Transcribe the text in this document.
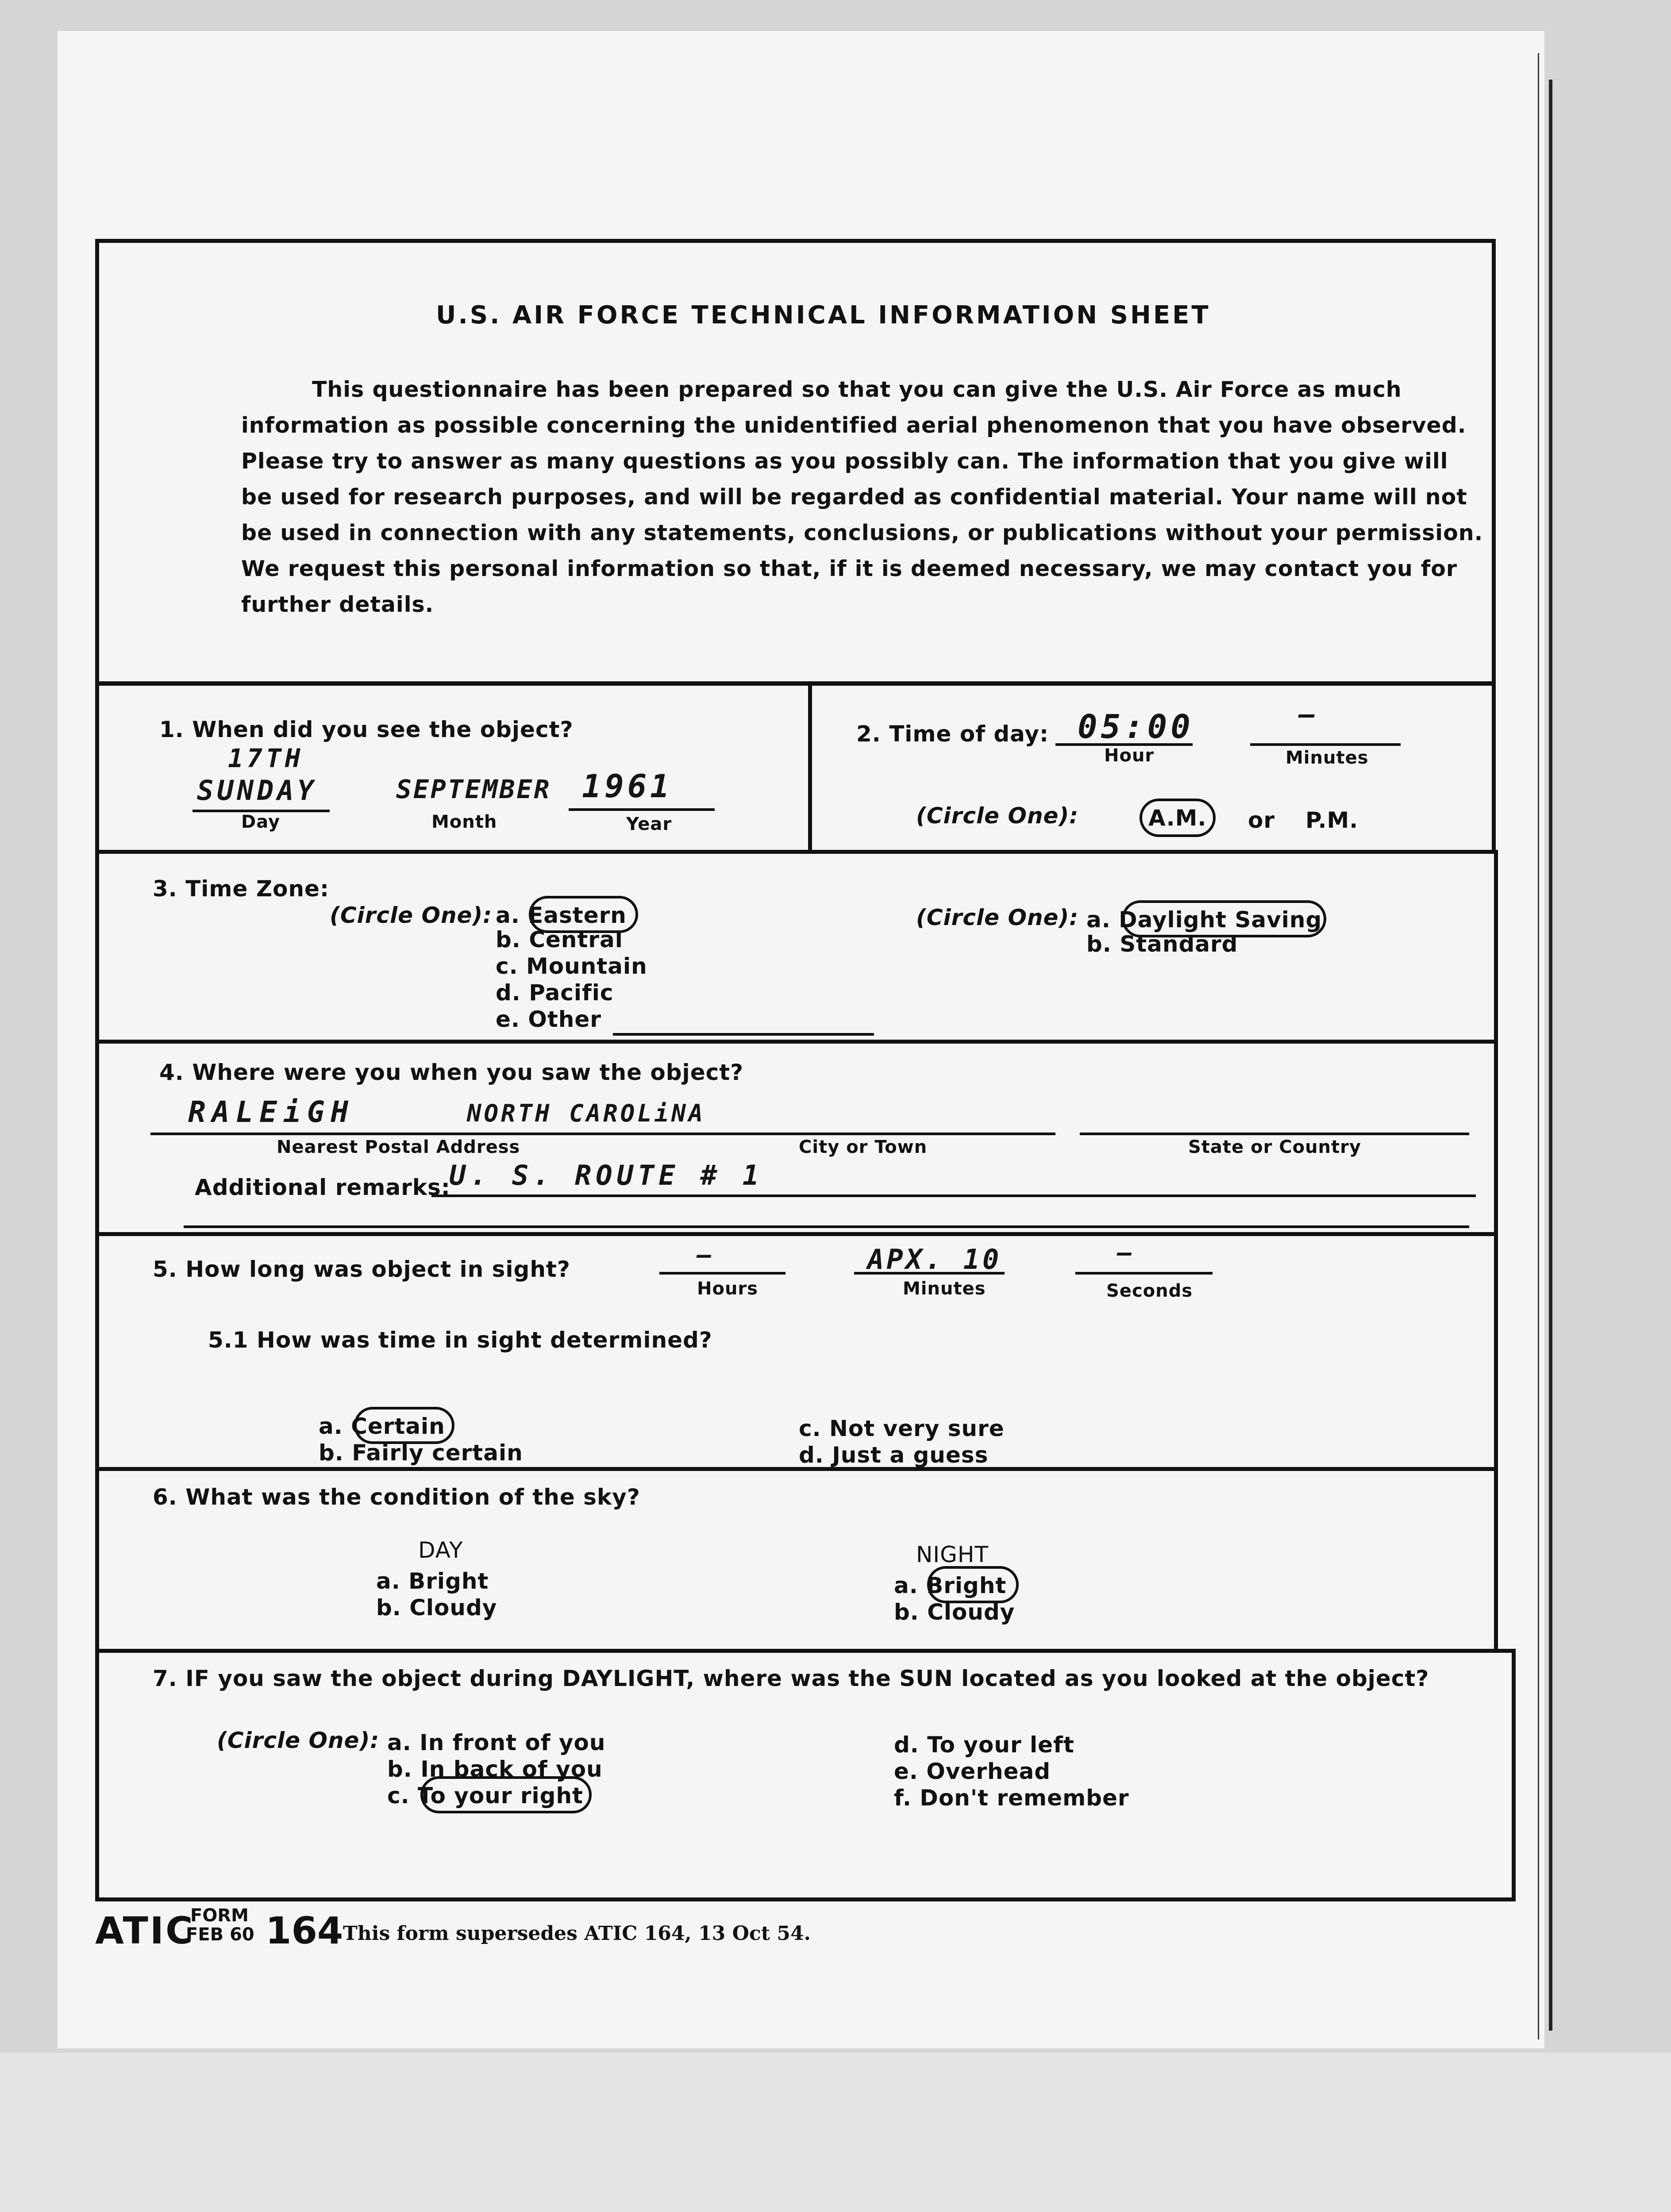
U.S. AIR FORCE TECHNICAL INFORMATION SHEET

This questionnaire has been prepared so that you can give the U.S. Air Force as much

information as possible concerning the unidentified aerial phenomenon that you have observed.

Please try to answer as many questions as you possibly can. The information that you give will

be used for research purposes, and will be regarded as confidential material. Your name will not

be used in connection with any statements, conclusions, or publications without your permission.

We request this personal information so that, if it is deemed necessary, we may contact you for

further details.

1. When did you see the object?
17TH
SUNDAY
Day
SEPTEMBER
Month
1961
Year
2. Time of day: 05:00
Hour
—
Minutes
(Circle One):	A.M. or P.M.
3. Time Zone:
(Circle One): a. Eastern
b. Central
c. Mountain
d. Pacific
e. Other
(Circle One): a. Daylight Saving
b. Standard
4. Where were you when you saw the object?
RALEiGH
Nearest Postal Address
NORTH CAROLiNA
City or Town	State or Country
Additional remarks:
U. S. ROUTE # 1
5. How long was object in sight?
—
Hours
APX. 10
Minutes
—
Seconds
5.1 How was time in sight determined?
a. Certain
b. Fairly certain
c. Not very sure
d. Just a guess
6. What was the condition of the sky?
DAY
a. Bright
b. Cloudy
NIGHT
a. Bright
b. Cloudy
7. IF you saw the object during DAYLIGHT, where was the SUN located as you looked at the object?
(Circle One): a. In front of you
b. In back of you
c. To your right
d. To your left
e. Overhead
f. Don't remember
ATIC
FORM
FEB 60 164 This form supersedes ATIC 164, 13 Oct 54.
